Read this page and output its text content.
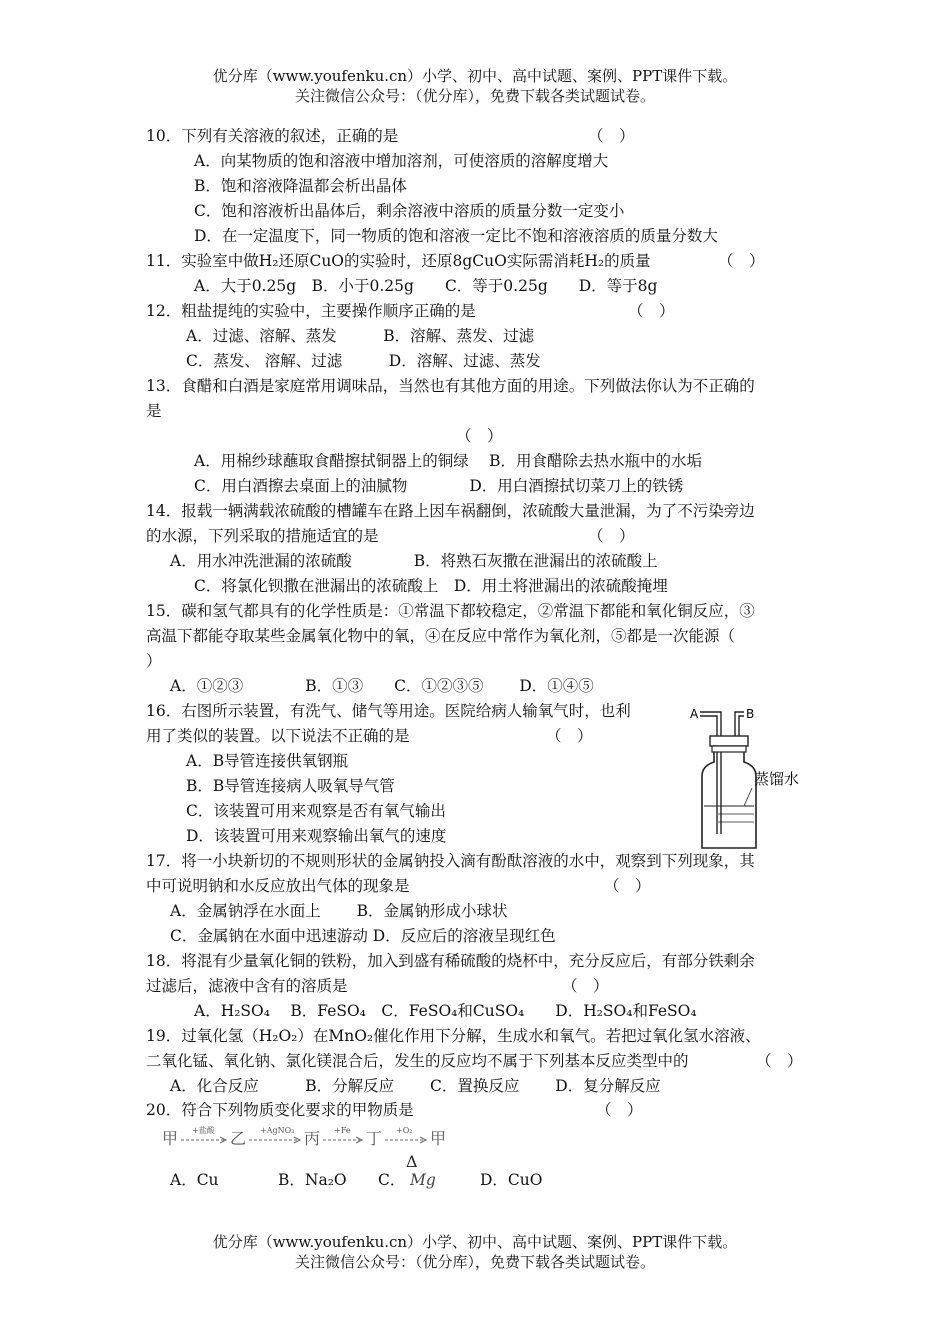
优分库（www.youfenku.cn）小学、初中、高中试题、案例、PPT课件下载。
关注微信公众号：（优分库），免费下载各类试题试卷。
10．下列有关溶液的叙述，正确的是	（　）
A．向某物质的饱和溶液中增加溶剂，可使溶质的溶解度增大
B．饱和溶液降温都会析出晶体
C．饱和溶液析出晶体后，剩余溶液中溶质的质量分数一定变小
D．在一定温度下，同一物质的饱和溶液一定比不饱和溶液溶质的质量分数大
11．实验室中做H₂还原CuO的实验时，还原8gCuO实际需消耗H₂的质量	（　）
A．大于0.25g　B．小于0.25g　　C．等于0.25g　　D．等于8g
12．粗盐提纯的实验中，主要操作顺序正确的是	（　）
A．过滤、溶解、蒸发　　　B．溶解、蒸发、过滤
C．蒸发、 溶解、过滤　　　D．溶解、过滤、蒸发
13．食醋和白酒是家庭常用调味品，当然也有其他方面的用途。下列做法你认为不正确的
是
（　）
A．用棉纱球蘸取食醋擦拭铜器上的铜绿　 B．用食醋除去热水瓶中的水垢
C．用白酒擦去桌面上的油腻物　　　　D．用白酒擦拭切菜刀上的铁锈
14．报载一辆满载浓硫酸的槽罐车在路上因车祸翻倒，浓硫酸大量泄漏，为了不污染旁边
的水源，下列采取的措施适宜的是	（　）
A．用水冲洗泄漏的浓硫酸　　　　B．将熟石灰撒在泄漏出的浓硫酸上
C．将氯化钡撒在泄漏出的浓硫酸上　D．用土将泄漏出的浓硫酸掩埋
15．碳和氢气都具有的化学性质是：①常温下都较稳定，②常温下都能和氧化铜反应，③
高温下都能夺取某些金属氧化物中的氧，④在反应中常作为氧化剂，⑤都是一次能源（
）
A．①②③　　　　B．①③　　C．①②③⑤　　 D．①④⑤
16．右图所示装置，有洗气、储气等用途。医院给病人输氧气时，也利
用了类似的装置。以下说法不正确的是	（　）
A．B导管连接供氧钢瓶
B．B导管连接病人吸氧导气管
C．该装置可用来观察是否有氧气输出
D．该装置可用来观察输出氧气的速度
A	B
蒸馏水
17．将一小块新切的不规则形状的金属钠投入滴有酚酞溶液的水中，观察到下列现象，其
中可说明钠和水反应放出气体的现象是	（　）
A．金属钠浮在水面上　　 B．金属钠形成小球状
C．金属钠在水面中迅速游动 D．反应后的溶液呈现红色
18．将混有少量氧化铜的铁粉，加入到盛有稀硫酸的烧杯中，充分反应后，有部分铁剩余
过滤后，滤液中含有的溶质是	（　）
A．H₂SO₄　 B．FeSO₄　C．FeSO₄和CuSO₄　　D．H₂SO₄和FeSO₄
19．过氧化氢（H₂O₂）在MnO₂催化作用下分解，生成水和氧气。若把过氧化氢水溶液、
二氧化锰、氧化钠、氯化镁混合后，发生的反应均不属于下列基本反应类型中的	（　）
A．化合反应　　　B．分解反应　　 C．置换反应　　 D．复分解反应
20．符合下列物质变化要求的甲物质是	（　）
甲 +盐酸 乙 +AgNO₃ 丙 +Fe 丁 +O₂ 甲
Δ
A．Cu	B．Na₂O C． Mg	D．CuO
优分库（www.youfenku.cn）小学、初中、高中试题、案例、PPT课件下载。
关注微信公众号：（优分库），免费下载各类试题试卷。
